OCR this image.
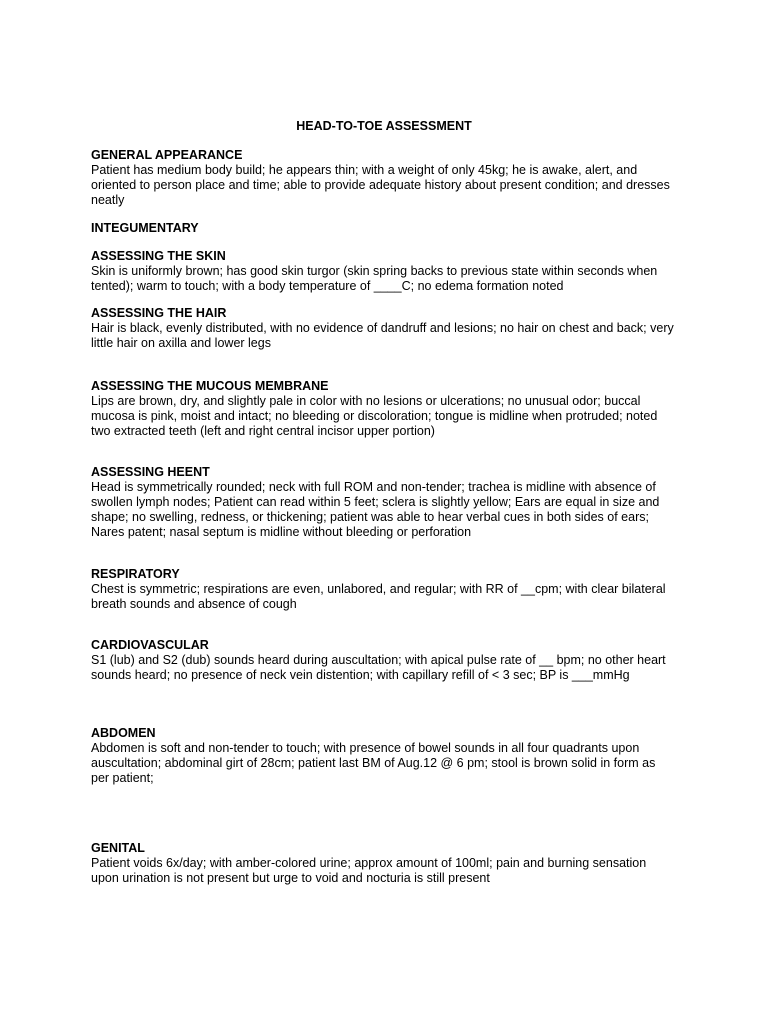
HEAD-TO-TOE ASSESSMENT
GENERAL APPEARANCE
Patient has medium body build; he appears thin; with a weight of only 45kg; he is awake, alert, and
oriented to person place and time; able to provide adequate history about present condition; and dresses
neatly
INTEGUMENTARY
ASSESSING THE SKIN
Skin is uniformly brown; has good skin turgor (skin spring backs to previous state within seconds when
tented); warm to touch; with a body temperature of ____C; no edema formation noted
ASSESSING THE HAIR
Hair is black, evenly distributed, with no evidence of dandruff and lesions; no hair on chest and back; very
little hair on axilla and lower legs
ASSESSING THE MUCOUS MEMBRANE
Lips are brown, dry, and slightly pale in color with no lesions or ulcerations; no unusual odor; buccal
mucosa is pink, moist and intact; no bleeding or discoloration; tongue is midline when protruded; noted
two extracted teeth (left and right central incisor upper portion)
ASSESSING HEENT
Head is symmetrically rounded; neck with full ROM and non-tender; trachea is midline with absence of
swollen lymph nodes; Patient can read within 5 feet; sclera is slightly yellow; Ears are equal in size and
shape; no swelling, redness, or thickening; patient was able to hear verbal cues in both sides of ears;
Nares patent; nasal septum is midline without bleeding or perforation
RESPIRATORY
Chest is symmetric; respirations are even, unlabored, and regular; with RR of __cpm; with clear bilateral
breath sounds and absence of cough
CARDIOVASCULAR
S1 (lub) and S2 (dub) sounds heard during auscultation; with apical pulse rate of __ bpm; no other heart
sounds heard; no presence of neck vein distention; with capillary refill of < 3 sec; BP is ___mmHg
ABDOMEN
Abdomen is soft and non-tender to touch; with presence of bowel sounds in all four quadrants upon
auscultation; abdominal girt of 28cm; patient last BM of Aug.12 @ 6 pm; stool is brown solid in form as
per patient;
GENITAL
Patient voids 6x/day; with amber-colored urine; approx amount of 100ml; pain and burning sensation
upon urination is not present but urge to void and nocturia is still present
